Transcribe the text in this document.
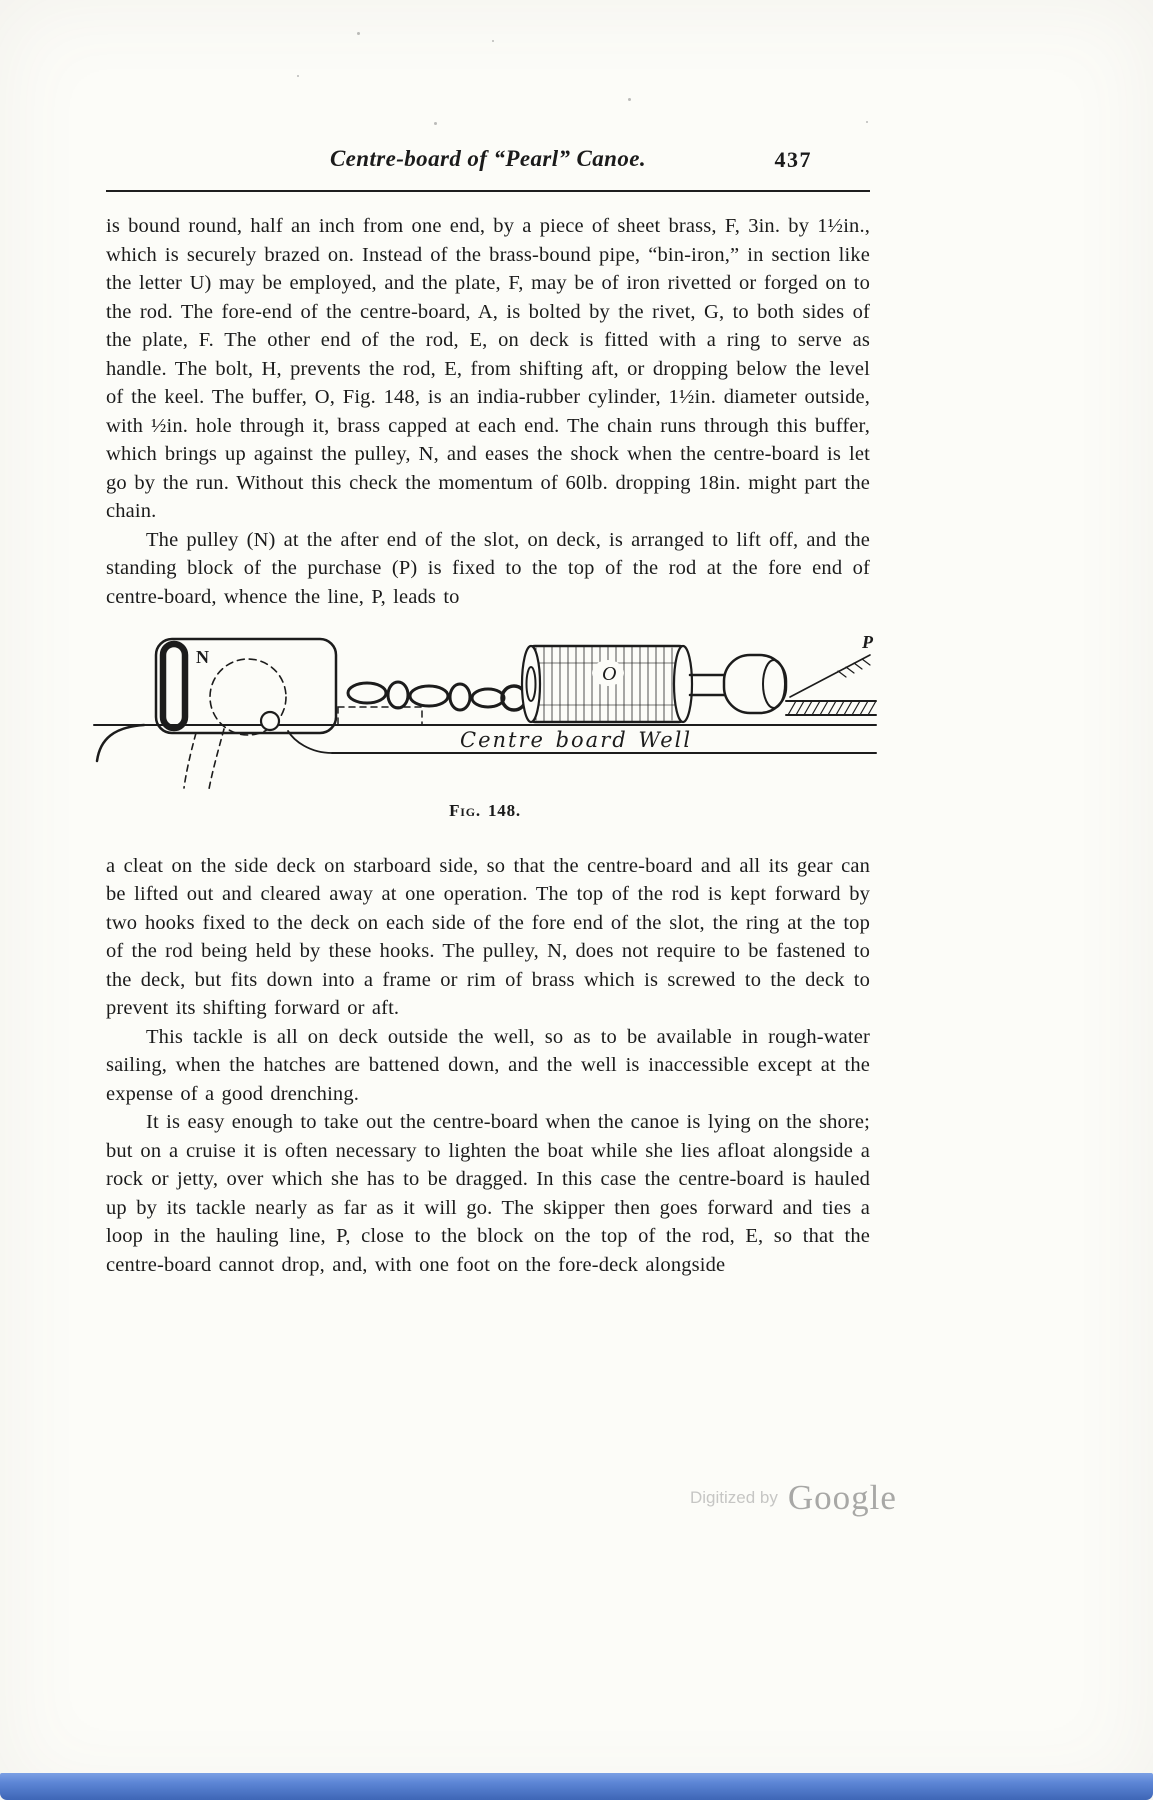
Centre-board of “Pearl” Canoe.	437

is bound round, half an inch from one end, by a piece of sheet brass, F, 3in. by 1½in., which is securely brazed on. Instead of the brass-bound pipe, “bin-iron,” in section like the letter U) may be employed, and the plate, F, may be of iron rivetted or forged on to the rod. The fore-end of the centre-board, A, is bolted by the rivet, G, to both sides of the plate, F. The other end of the rod, E, on deck is fitted with a ring to serve as handle. The bolt, H, prevents the rod, E, from shifting aft, or dropping below the level of the keel. The buffer, O, Fig. 148, is an india-rubber cylinder, 1½in. diameter outside, with ½in. hole through it, brass capped at each end. The chain runs through this buffer, which brings up against the pulley, N, and eases the shock when the centre-board is let go by the run. Without this check the momentum of 60lb. dropping 18in. might part the chain.

The pulley (N) at the after end of the slot, on deck, is arranged to lift off, and the standing block of the purchase (P) is fixed to the top of the rod at the fore end of centre-board, whence the line, P, leads to

N
O
P
Centre board Well
Fig. 148.

a cleat on the side deck on starboard side, so that the centre-board and all its gear can be lifted out and cleared away at one operation. The top of the rod is kept forward by two hooks fixed to the deck on each side of the fore end of the slot, the ring at the top of the rod being held by these hooks. The pulley, N, does not require to be fastened to the deck, but fits down into a frame or rim of brass which is screwed to the deck to prevent its shifting forward or aft.

This tackle is all on deck outside the well, so as to be available in rough-water sailing, when the hatches are battened down, and the well is inaccessible except at the expense of a good drenching.

It is easy enough to take out the centre-board when the canoe is lying on the shore; but on a cruise it is often necessary to lighten the boat while she lies afloat alongside a rock or jetty, over which she has to be dragged. In this case the centre-board is hauled up by its tackle nearly as far as it will go. The skipper then goes forward and ties a loop in the hauling line, P, close to the block on the top of the rod, E, so that the centre-board cannot drop, and, with one foot on the fore-deck alongside

Digitized by Google
